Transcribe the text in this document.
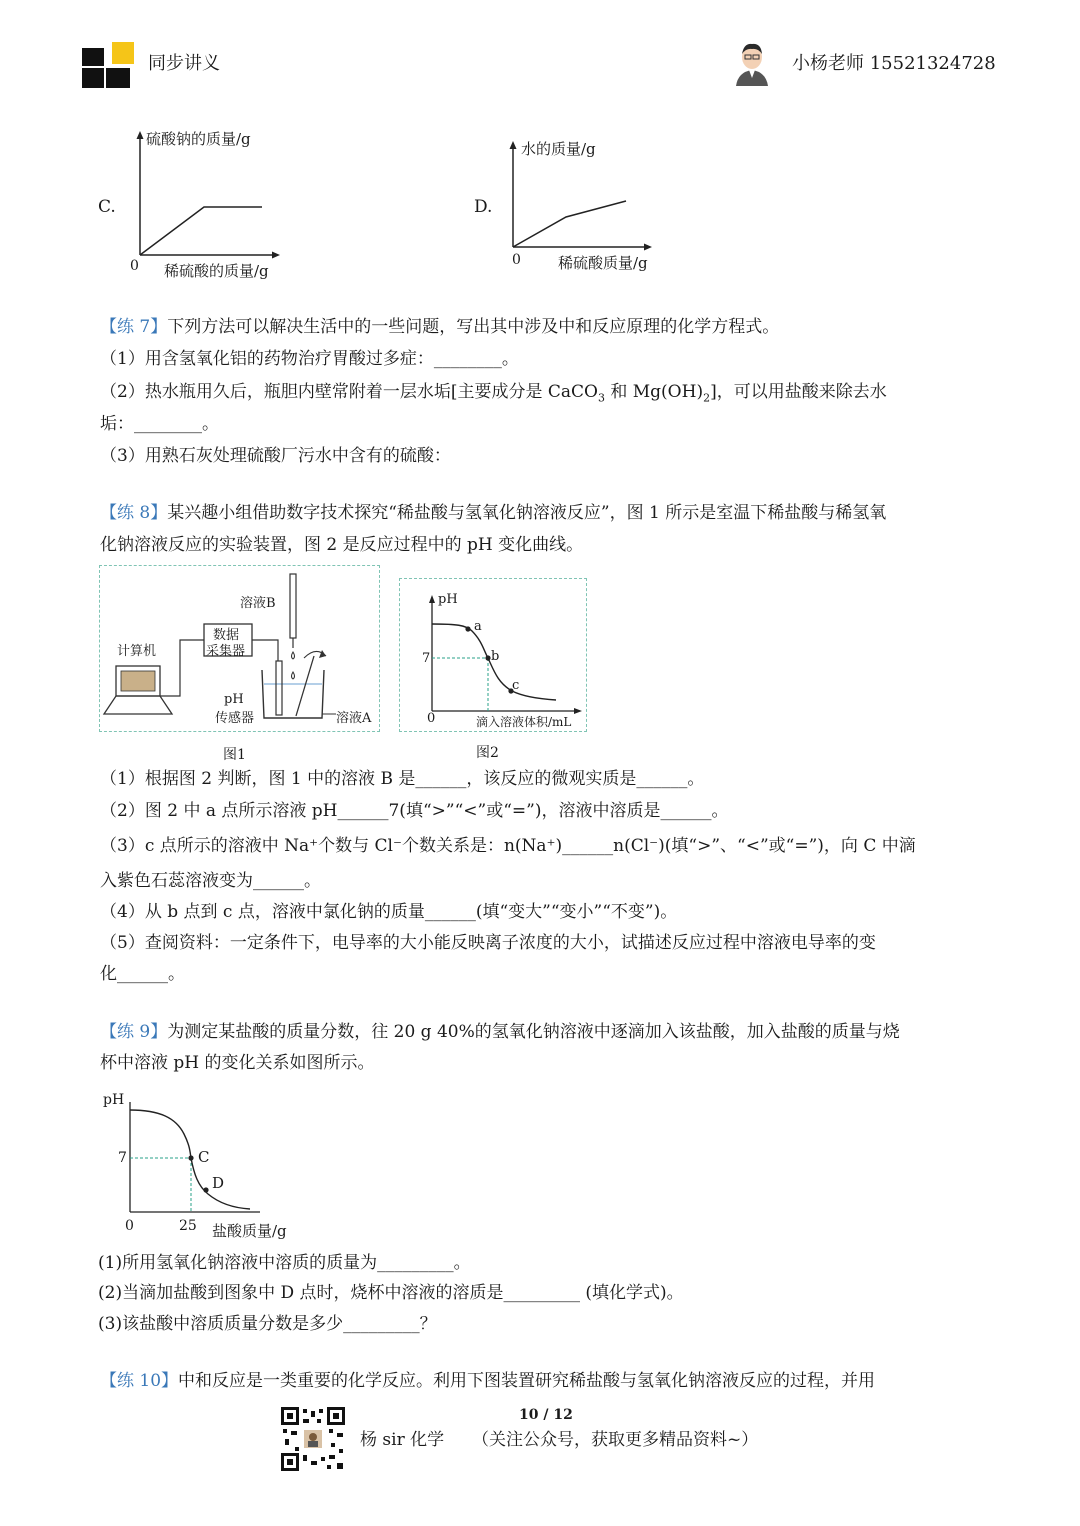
同步讲义	小杨老师 15521324728
C.
硫酸钠的质量/g
0 稀硫酸的质量/g
D.
水的质量/g
0 稀硫酸质量/g
【练 7】下列方法可以解决生活中的一些问题，写出其中涉及中和反应原理的化学方程式。
（1）用含氢氧化铝的药物治疗胃酸过多症：________。
（2）热水瓶用久后，瓶胆内壁常附着一层水垢[主要成分是 CaCO$_3$ 和 $Mg(OH)_2$]，可以用盐酸来除去水
垢：________。
（3）用熟石灰处理硫酸厂污水中含有的硫酸：
【练 8】某兴趣小组借助数字技术探究“稀盐酸与氢氧化钠溶液反应”，图 1 所示是室温下稀盐酸与稀氢氧
化钠溶液反应的实验装置，图 2 是反应过程中的 pH 变化曲线。
溶液B
数据
采集器
计算机
pH
传感器	溶液A
图1
pH
7
0
a
b
c
滴入溶液体积/mL
图2
（1）根据图 2 判断，图 1 中的溶液 B 是______，该反应的微观实质是______。
（2）图 2 中 a 点所示溶液 pH______7(填“>”“<”或“=”)，溶液中溶质是______。
（3）c 点所示的溶液中 Na⁺个数与 Cl⁻个数关系是：n(Na⁺)______n(Cl⁻)(填“>”、“<”或“=”)，向 C 中滴
入紫色石蕊溶液变为______。
（4）从 b 点到 c 点，溶液中氯化钠的质量______(填“变大”“变小”“不变”)。
（5）查阅资料：一定条件下，电导率的大小能反映离子浓度的大小，试描述反应过程中溶液电导率的变
化______。
【练 9】为测定某盐酸的质量分数，往 20 g 40%的氢氧化钠溶液中逐滴加入该盐酸，加入盐酸的质量与烧
杯中溶液 pH 的变化关系如图所示。
pH
7
0	25 盐酸质量/g
C
D
(1)所用氢氧化钠溶液中溶质的质量为_________。
(2)当滴加盐酸到图象中 D 点时，烧杯中溶液的溶质是_________ (填化学式)。
(3)该盐酸中溶质质量分数是多少_________？
【练 10】中和反应是一类重要的化学反应。利用下图装置研究稀盐酸与氢氧化钠溶液反应的过程，并用
10 / 12
杨 sir 化学 （关注公众号，获取更多精品资料~）
